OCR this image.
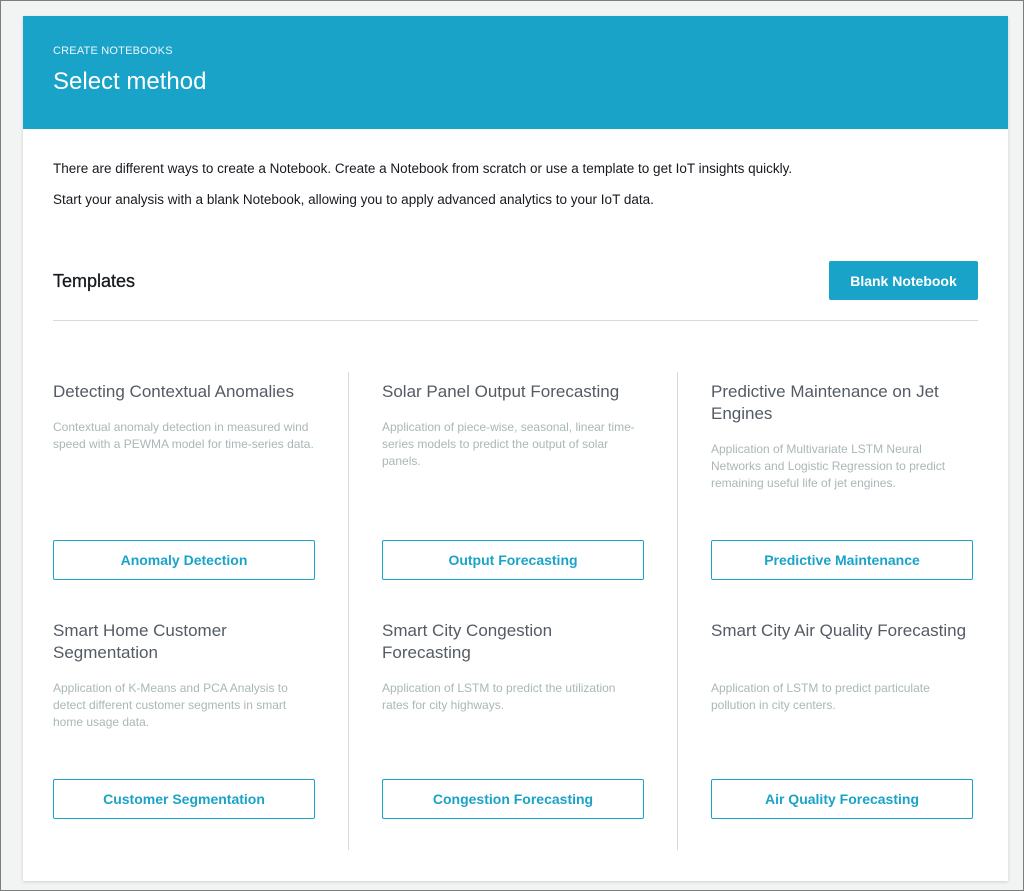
CREATE NOTEBOOKS
Select method

There are different ways to create a Notebook. Create a Notebook from scratch or use a template to get IoT insights quickly.

Start your analysis with a blank Notebook, allowing you to apply advanced analytics to your IoT data.

Templates	Blank Notebook
Detecting Contextual Anomalies

Contextual anomaly detection in measured wind speed with a PEWMA model for time-series data.

Anomaly Detection
Solar Panel Output Forecasting

Application of piece-wise, seasonal, linear time-series models to predict the output of solar panels.

Output Forecasting
Predictive Maintenance on Jet Engines

Application of Multivariate LSTM Neural Networks and Logistic Regression to predict remaining useful life of jet engines.

Predictive Maintenance
Smart Home Customer Segmentation

Application of K-Means and PCA Analysis to detect different customer segments in smart home usage data.

Customer Segmentation
Smart City Congestion Forecasting

Application of LSTM to predict the utilization rates for city highways.

Congestion Forecasting
Smart City Air Quality Forecasting

Application of LSTM to predict particulate pollution in city centers.

Air Quality Forecasting
